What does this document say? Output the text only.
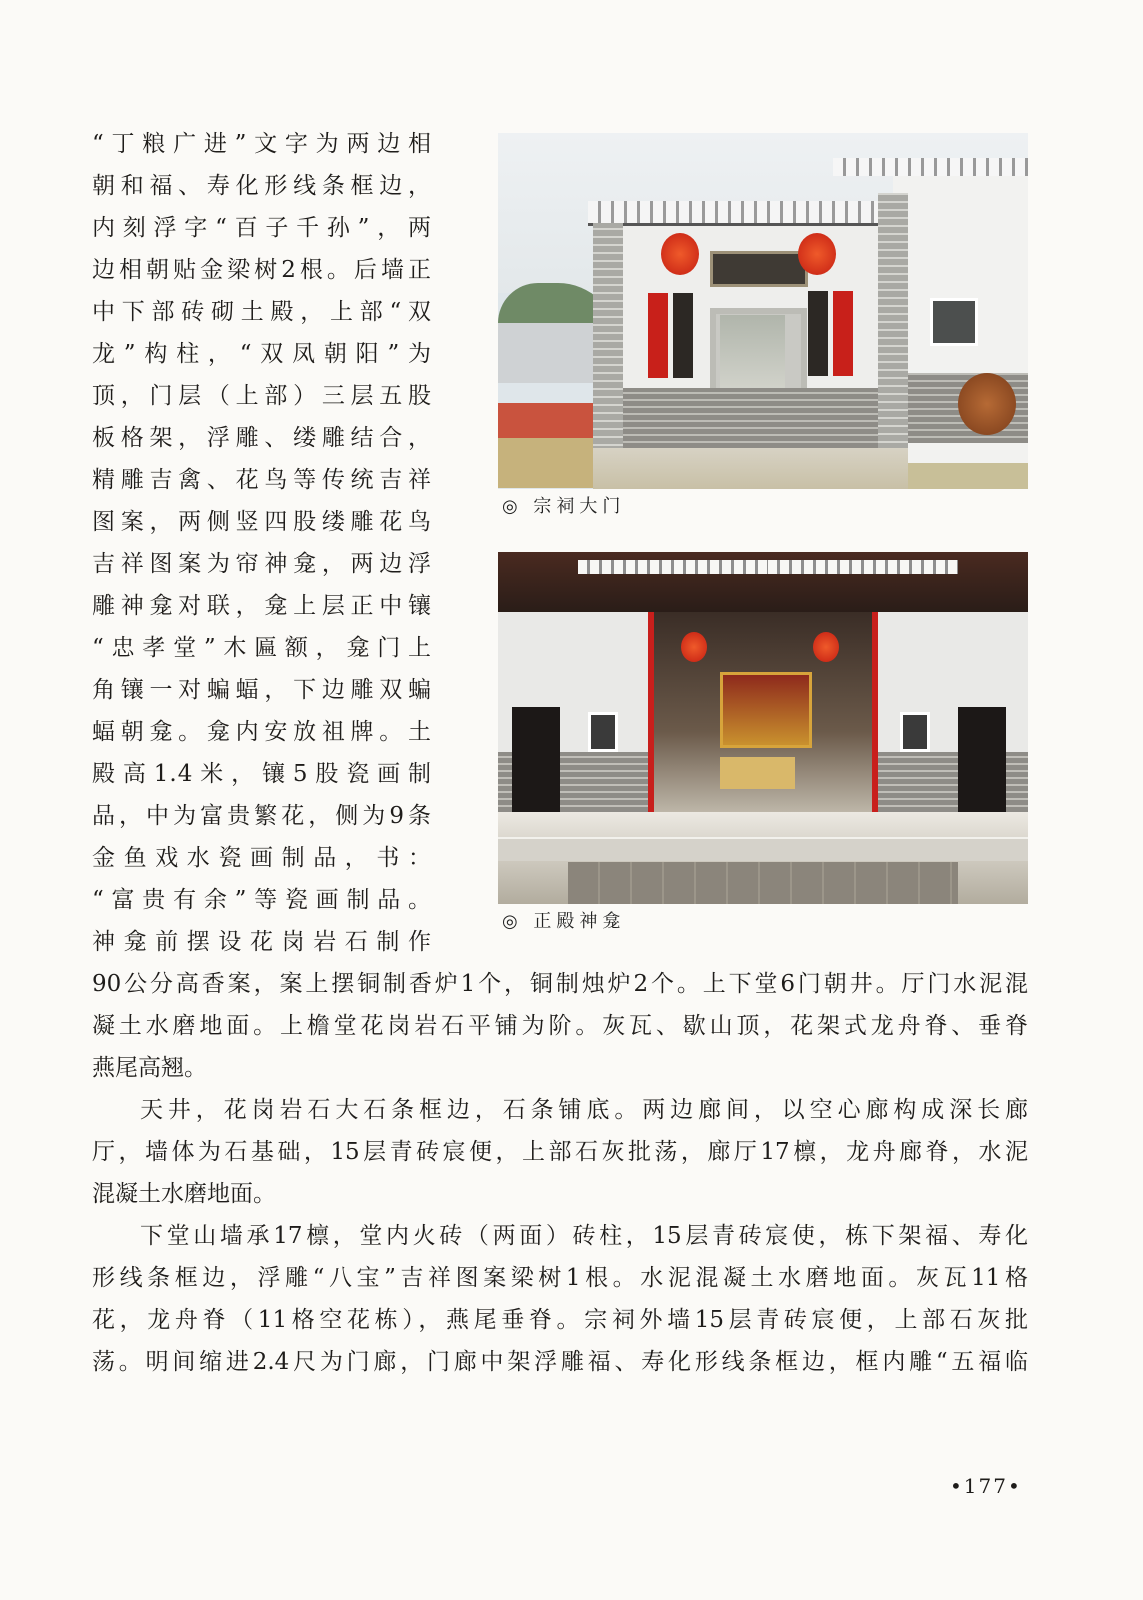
“丁粮广进”文字为两边相
朝和福、寿化形线条框边，
内刻浮字“百子千孙”，两
边相朝贴金梁树2根。后墙正
中下部砖砌土殿，上部“双
龙”构柱，“双凤朝阳”为
顶，门层（上部）三层五股
板格架，浮雕、缕雕结合，
精雕吉禽、花鸟等传统吉祥
图案，两侧竖四股缕雕花鸟
吉祥图案为帘神龛，两边浮
雕神龛对联，龛上层正中镶
“忠孝堂”木匾额，龛门上
角镶一对蝙蝠，下边雕双蝙
蝠朝龛。龛内安放祖牌。土
殿高1.4米，镶5股瓷画制
品，中为富贵繁花，侧为9条
金鱼戏水瓷画制品，书：
“富贵有余”等瓷画制品。
神龛前摆设花岗岩石制作
◎ 宗祠大门
◎ 正殿神龛
90公分高香案，案上摆铜制香炉1个，铜制烛炉2个。上下堂6门朝井。厅门水泥混
凝土水磨地面。上檐堂花岗岩石平铺为阶。灰瓦、歇山顶，花架式龙舟脊、垂脊
燕尾高翘。
天井，花岗岩石大石条框边，石条铺底。两边廊间，以空心廊构成深长廊
厅，墙体为石基础，15层青砖宸便，上部石灰批荡，廊厅17檩，龙舟廊脊，水泥
混凝土水磨地面。
下堂山墙承17檩，堂内火砖（两面）砖柱，15层青砖宸使，栋下架福、寿化
形线条框边，浮雕“八宝”吉祥图案梁树1根。水泥混凝土水磨地面。灰瓦11格
花，龙舟脊（11格空花栋），燕尾垂脊。宗祠外墙15层青砖宸便，上部石灰批
荡。明间缩进2.4尺为门廊，门廊中架浮雕福、寿化形线条框边，框内雕“五福临
•177•
